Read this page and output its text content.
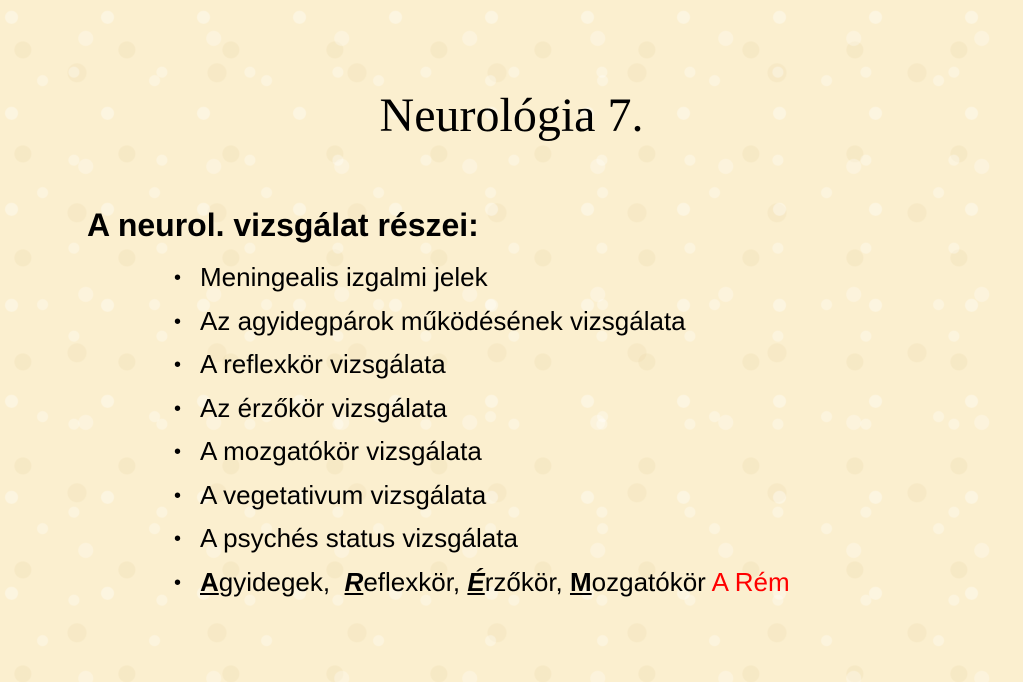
Neurológia 7.
A neurol. vizsgálat részei:
• Meningealis izgalmi jelek
• Az agyidegpárok működésének vizsgálata
• A reflexkör vizsgálata
• Az érzőkör vizsgálata
• A mozgatókör vizsgálata
• A vegetativum vizsgálata
• A psychés status vizsgálata
• Agyidegek,  Reflexkör, Érzőkör, Mozgatókör A Rém
